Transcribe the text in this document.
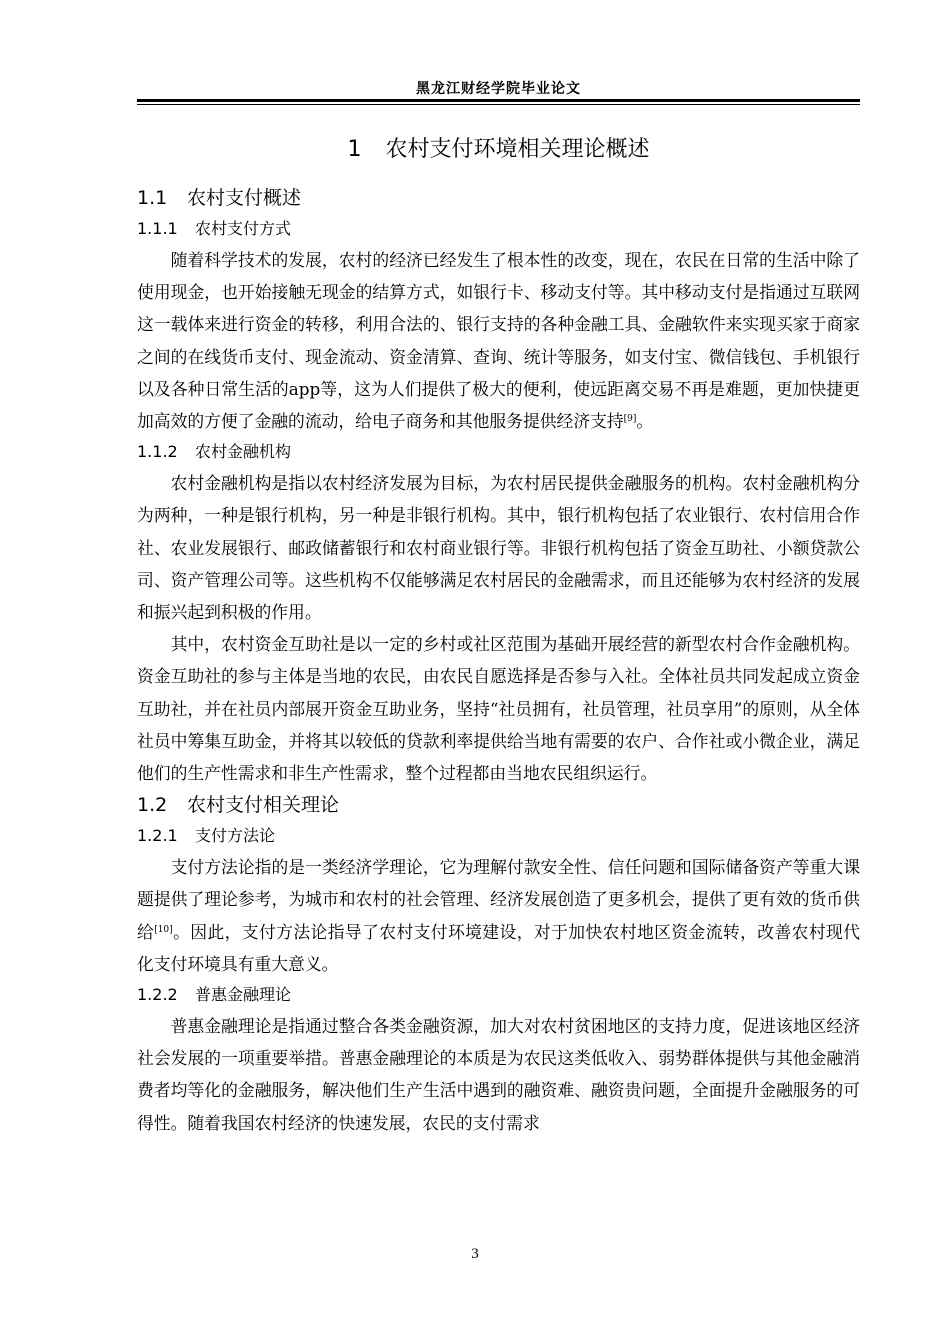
黑龙江财经学院毕业论文
1 农村支付环境相关理论概述
1.1 农村支付概述
1.1.1 农村支付方式

随着科学技术的发展，农村的经济已经发生了根本性的改变，现在，农民在日常的生活中除了使用现金，也开始接触无现金的结算方式，如银行卡、移动支付等。其中移动支付是指通过互联网这一载体来进行资金的转移，利用合法的、银行支持的各种金融工具、金融软件来实现买家于商家之间的在线货币支付、现金流动、资金清算、查询、统计等服务，如支付宝、微信钱包、手机银行以及各种日常生活的app等，这为人们提供了极大的便利，使远距离交易不再是难题，更加快捷更加高效的方便了金融的流动，给电子商务和其他服务提供经济支持[9]。

1.1.2 农村金融机构

农村金融机构是指以农村经济发展为目标，为农村居民提供金融服务的机构。农村金融机构分为两种，一种是银行机构，另一种是非银行机构。其中，银行机构包括了农业银行、农村信用合作社、农业发展银行、邮政储蓄银行和农村商业银行等。非银行机构包括了资金互助社、小额贷款公司、资产管理公司等。这些机构不仅能够满足农村居民的金融需求，而且还能够为农村经济的发展和振兴起到积极的作用。

其中，农村资金互助社是以一定的乡村或社区范围为基础开展经营的新型农村合作金融机构。资金互助社的参与主体是当地的农民，由农民自愿选择是否参与入社。全体社员共同发起成立资金互助社，并在社员内部展开资金互助业务，坚持“社员拥有，社员管理，社员享用”的原则，从全体社员中筹集互助金，并将其以较低的贷款利率提供给当地有需要的农户、合作社或小微企业，满足他们的生产性需求和非生产性需求，整个过程都由当地农民组织运行。

1.2 农村支付相关理论
1.2.1 支付方法论

支付方法论指的是一类经济学理论，它为理解付款安全性、信任问题和国际储备资产等重大课题提供了理论参考，为城市和农村的社会管理、经济发展创造了更多机会，提供了更有效的货币供给[10]。因此，支付方法论指导了农村支付环境建设，对于加快农村地区资金流转，改善农村现代化支付环境具有重大意义。

1.2.2 普惠金融理论

普惠金融理论是指通过整合各类金融资源，加大对农村贫困地区的支持力度，促进该地区经济社会发展的一项重要举措。普惠金融理论的本质是为农民这类低收入、弱势群体提供与其他金融消费者均等化的金融服务，解决他们生产生活中遇到的融资难、融资贵问题，全面提升金融服务的可得性。随着我国农村经济的快速发展，农民的支付需求

3
